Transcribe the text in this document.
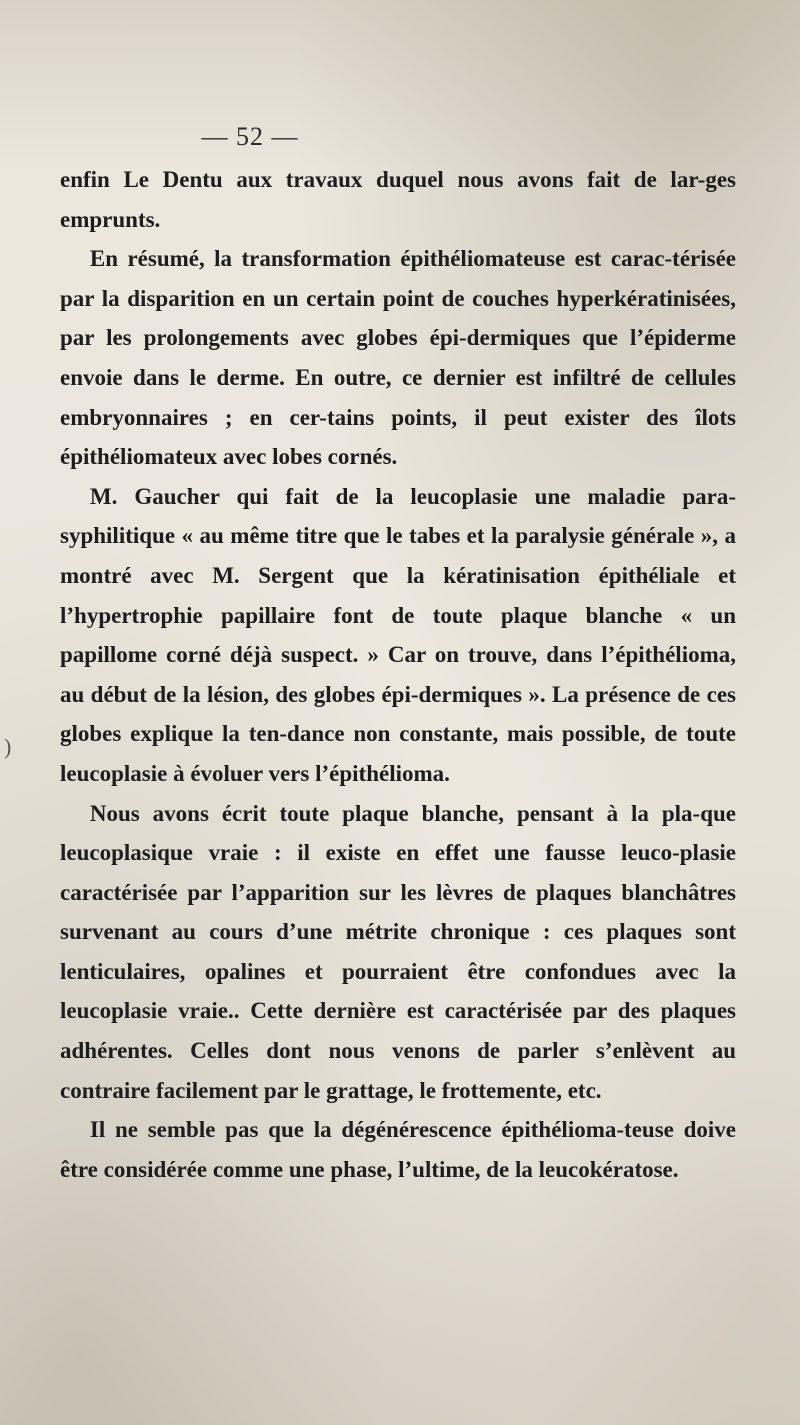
— 52 —
)

enfin Le Dentu aux travaux duquel nous avons fait de lar-ges emprunts.

En résumé, la transformation épithéliomateuse est carac-térisée par la disparition en un certain point de couches hyperkératinisées, par les prolongements avec globes épi-dermiques que l’épiderme envoie dans le derme. En outre, ce dernier est infiltré de cellules embryonnaires ; en cer-tains points, il peut exister des îlots épithéliomateux avec lobes cornés.

M. Gaucher qui fait de la leucoplasie une maladie para-syphilitique « au même titre que le tabes et la paralysie générale », a montré avec M. Sergent que la kératinisation épithéliale et l’hypertrophie papillaire font de toute plaque blanche « un papillome corné déjà suspect. » Car on trouve, dans l’épithélioma, au début de la lésion, des globes épi-dermiques ». La présence de ces globes explique la ten-dance non constante, mais possible, de toute leucoplasie à évoluer vers l’épithélioma.

Nous avons écrit toute plaque blanche, pensant à la pla-que leucoplasique vraie : il existe en effet une fausse leuco-plasie caractérisée par l’apparition sur les lèvres de plaques blanchâtres survenant au cours d’une métrite chronique : ces plaques sont lenticulaires, opalines et pourraient être confondues avec la leucoplasie vraie.. Cette dernière est caractérisée par des plaques adhérentes. Celles dont nous venons de parler s’enlèvent au contraire facilement par le grattage, le frottemente, etc.

Il ne semble pas que la dégénérescence épithélioma-teuse doive être considérée comme une phase, l’ultime, de la leucokératose.
